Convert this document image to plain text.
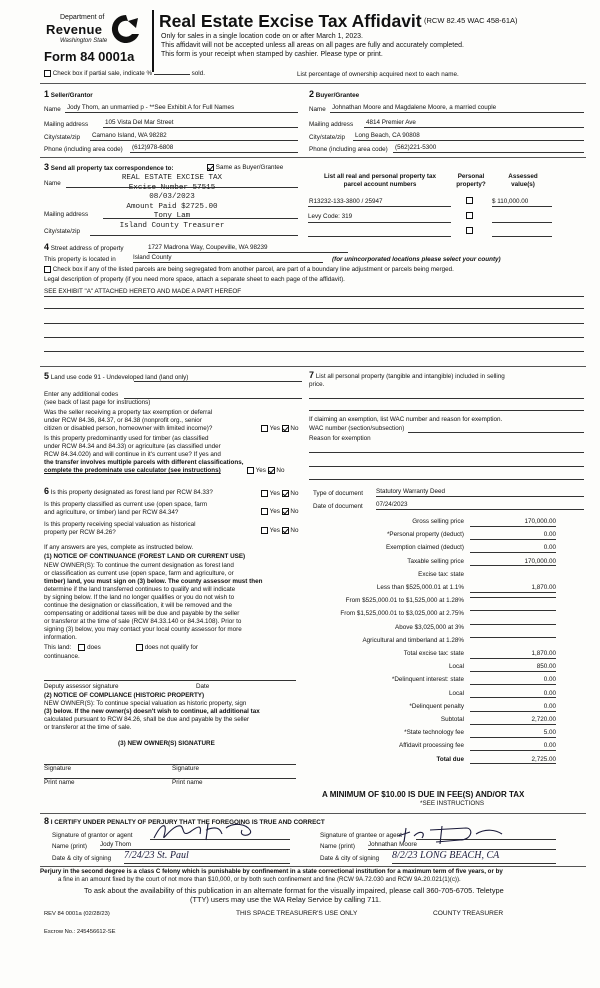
Department of
Revenue
Washington State
Form 84 0001a
Real Estate Excise Tax Affidavit (RCW 82.45 WAC 458-61A)
Only for sales in a single location code on or after March 1, 2023.
This affidavit will not be accepted unless all areas on all pages are fully and accurately completed.
This form is your receipt when stamped by cashier. Please type or print.
Check box if partial sale, indicate %	sold.	List percentage of ownership acquired next to each name.
1 Seller/Grantor
Name Jody Thom, an unmarried p - **See Exhibit A for Full Names
Mailing address	105 Vista Del Mar Street
City/state/zip	Camano Island, WA 98282
Phone (including area code)	(612)978-6808
2 Buyer/Grantee
Name Johnathan Moore and Magdalene Moore, a married couple
Mailing address	4814 Premier Ave
City/state/zip	Long Beach, CA 90808
Phone (including area code)	(562)221-5300
3 Send all property tax correspondence to:	Same as Buyer/Grantee
Name
Mailing address
City/state/zip
REAL ESTATE EXCISE TAX
Excise Number 57515
08/03/2023
Amount Paid $2725.00
Tony Lam
Island County Treasurer
List all real and personal property tax
parcel account numbers
Personal
property?
Assessed
value(s)
R13232-133-3800 / 25947	$ 110,000.00
Levy Code: 319
4 Street address of property	1727 Madrona Way, Coupeville, WA 98239
This property is located in	Island County	(for unincorporated locations please select your county)
Check box if any of the listed parcels are being segregated from another parcel, are part of a boundary line adjustment or parcels being merged.
Legal description of property (if you need more space, attach a separate sheet to each page of the affidavit).
SEE EXHIBIT "A" ATTACHED HERETO AND MADE A PART HEREOF
5 Land use code 91 - Undeveloped land (land only)
Enter any additional codes
(see back of last page for instructions)
Was the seller receiving a property tax exemption or deferral
under RCW 84.36, 84.37, or 84.38 (nonprofit org., senior
citizen or disabled person, homeowner with limited income)?	Yes No
Is this property predominantly used for timber (as classified
under RCW 84.34 and 84.33) or agriculture (as classified under
RCW 84.34.020) and will continue in it's current use? If yes and
the transfer involves multiple parcels with different classifications,
complete the predominate use calculator (see instructions)	Yes No
7 List all personal property (tangible and intangible) included in selling
price.
If claiming an exemption, list WAC number and reason for exemption.
WAC number (section/subsection)
Reason for exemption
6 Is this property designated as forest land per RCW 84.33?	Yes No
Is this property classified as current use (open space, farm
and agriculture, or timber) land per RCW 84.34?	Yes No
Is this property receiving special valuation as historical
property per RCW 84.26?	Yes No
If any answers are yes, complete as instructed below.
(1) NOTICE OF CONTINUANCE (FOREST LAND OR CURRENT USE)
NEW OWNER(S): To continue the current designation as forest land
or classification as current use (open space, farm and agriculture, or
timber) land, you must sign on (3) below. The county assessor must then
determine if the land transferred continues to qualify and will indicate
by signing below. If the land no longer qualifies or you do not wish to
continue the designation or classification, it will be removed and the
compensating or additional taxes will be due and payable by the seller
or transferor at the time of sale (RCW 84.33.140 or 84.34.108). Prior to
signing (3) below, you may contact your local county assessor for more
information.
This land:	does	does not qualify for
continuance.
Deputy assessor signature	Date
(2) NOTICE OF COMPLIANCE (HISTORIC PROPERTY)
NEW OWNER(S): To continue special valuation as historic property, sign
(3) below. If the new owner(s) doesn't wish to continue, all additional tax
calculated pursuant to RCW 84.26, shall be due and payable by the seller
or transferor at the time of sale.
(3) NEW OWNER(S) SIGNATURE
Signature	Signature
Print name	Print name
Type of document Statutory Warranty Deed
Date of document 07/24/2023
Gross selling price	170,000.00
*Personal property (deduct)	0.00
Exemption claimed (deduct)	0.00
Taxable selling price	170,000.00
Excise tax: state
Less than $525,000.01 at 1.1%	1,870.00
From $525,000.01 to $1,525,000 at 1.28%
From $1,525,000.01 to $3,025,000 at 2.75%
Above $3,025,000 at 3%
Agricultural and timberland at 1.28%
Total excise tax: state	1,870.00
Local	850.00
*Delinquent interest: state	0.00
Local	0.00
*Delinquent penalty	0.00
Subtotal	2,720.00
*State technology fee	5.00
Affidavit processing fee	0.00
Total due	2,725.00
A MINIMUM OF $10.00 IS DUE IN FEE(S) AND/OR TAX
*SEE INSTRUCTIONS
8 I CERTIFY UNDER PENALTY OF PERJURY THAT THE FOREGOING IS TRUE AND CORRECT
Signature of grantor or agent
Name (print) Jody Thom
Date & city of signing 7/24/23 St. Paul
Signature of grantee or agent
Name (print) Johnathan Moore
Date & city of signing 8/2/23 LONG BEACH, CA
Perjury in the second degree is a class C felony which is punishable by confinement in a state correctional institution for a maximum term of five years, or by
a fine in an amount fixed by the court of not more than $10,000, or by both such confinement and fine (RCW 9A.72.030 and RCW 9A.20.021(1)(c)).
To ask about the availability of this publication in an alternate format for the visually impaired, please call 360-705-6705. Teletype
(TTY) users may use the WA Relay Service by calling 711.
REV 84 0001a (02/28/23)	THIS SPACE TREASURER'S USE ONLY	COUNTY TREASURER
Escrow No.: 245456612-SE
